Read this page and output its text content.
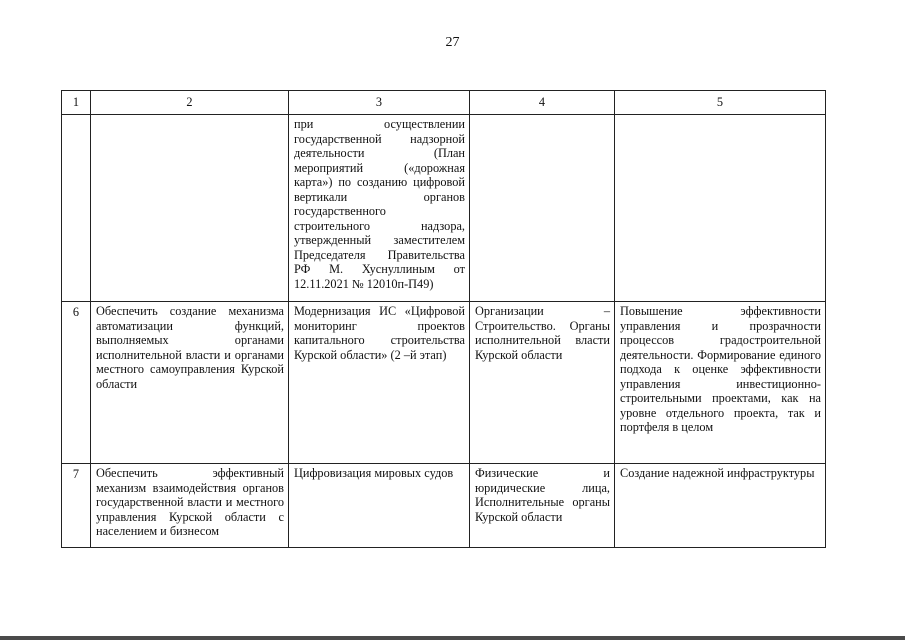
27
1	2	3	4	5

		при осуществлении государственной надзорной деятельности (План мероприятий («дорожная карта») по созданию цифровой вертикали органов государственного строительного надзора, утвержденный заместителем Председателя Правительства РФ М. Хуснуллиным от 12.11.2021 № 12010п-П49)		

6	Обеспечить создание механизма автоматизации функций, выполняемых органами исполнительной власти и органами местного самоуправления Курской области	Модернизация ИС «Цифровой мониторинг проектов капитального строительства Курской области» (2 –й этап)	Организации – Строительство. Органы исполнительной власти Курской области	Повышение эффективности управления и прозрачности процессов градостроительной деятельности. Формирование единого подхода к оценке эффективности управления инвестиционно-строительными проектами, как на уровне отдельного проекта, так и портфеля в целом

7	Обеспечить эффективный механизм взаимодействия органов государственной власти и местного управления Курской области с населением и бизнесом	Цифровизация мировых судов	Физические и юридические лица, Исполнительные органы Курской области	Создание надежной инфраструктуры
